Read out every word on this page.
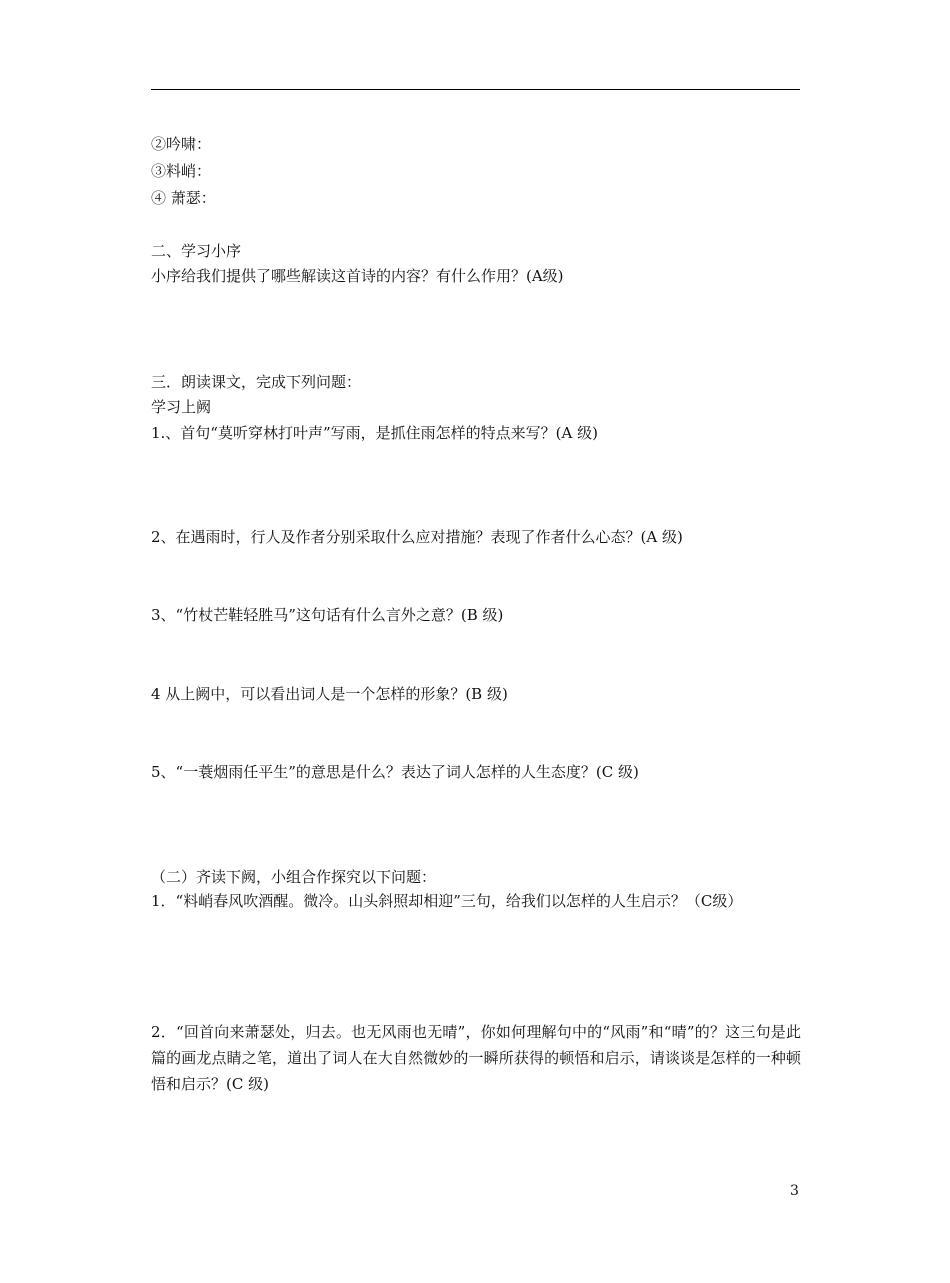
②吟啸：
③料峭：
④ 萧瑟：
二、学习小序
小序给我们提供了哪些解读这首诗的内容？有什么作用？(A级)
三．朗读课文，完成下列问题：
学习上阙
1.、首句“莫听穿林打叶声”写雨，是抓住雨怎样的特点来写？(A 级)
2、在遇雨时，行人及作者分别采取什么应对措施？表现了作者什么心态？(A 级)
3、“竹杖芒鞋轻胜马”这句话有什么言外之意？(B 级)
4 从上阙中，可以看出词人是一个怎样的形象？(B 级)
5、“一蓑烟雨任平生”的意思是什么？表达了词人怎样的人生态度？(C 级)
（二）齐读下阙，小组合作探究以下问题：
1．“料峭春风吹酒醒。微冷。山头斜照却相迎”三句，给我们以怎样的人生启示？（C级）
2．“回首向来萧瑟处，归去。也无风雨也无晴”，你如何理解句中的“风雨”和“晴”的？这三句是此篇的画龙点睛之笔，道出了词人在大自然微妙的一瞬所获得的顿悟和启示，请谈谈是怎样的一种顿悟和启示？(C 级)
3
